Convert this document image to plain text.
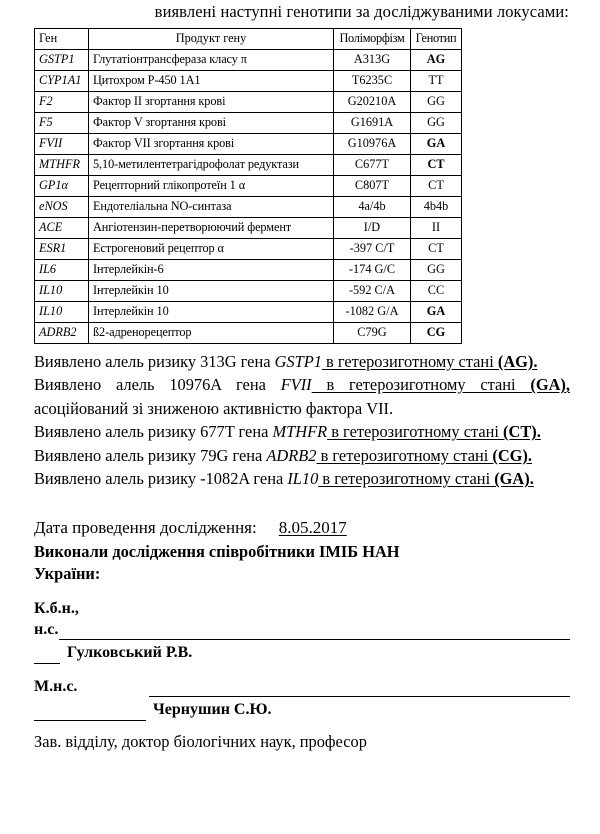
виявлені наступні генотипи за досліджуваними локусами:
Ген	Продукт гену	Поліморфізм	Генотип
GSTP1	Глутатіонтрансфераза класу π	A313G	AG
CYP1A1	Цитохром Р-450 1А1	T6235C	TT
F2	Фактор II згортання крові	G20210A	GG
F5	Фактор V згортання крові	G1691A	GG
FVII	Фактор VII згортання крові	G10976A	GA
MTHFR	5,10-метилентетрагідрофолат редуктази	C677T	CT
GP1α	Рецепторний глікопротеїн 1 α	C807T	CT
eNOS	Ендотеліальна NO-синтаза	4a/4b	4b4b
ACE	Ангіотензин-перетворюючий фермент	I/D	II
ESR1	Естрогеновий рецептор α	-397 C/T	CT
IL6	Інтерлейкін-6	-174 G/C	GG
IL10	Інтерлейкін 10	-592 C/A	CC
IL10	Інтерлейкін 10	-1082 G/A	GA
ADRB2	ß2-адренорецептор	C79G	CG

Виявлено алель ризику 313G гена GSTP1 в гетерозиготному стані (AG).

Виявлено алель 10976A гена FVII в гетерозиготному стані (GA), асоційований зі зниженою активністю фактора VII.

Виявлено алель ризику 677T гена MTHFR в гетерозиготному стані (CT).

Виявлено алель ризику 79G гена ADRB2 в гетерозиготному стані (CG).

Виявлено алель ризику -1082A гена IL10 в гетерозиготному стані (GA).

Дата проведення дослідження: 8.05.2017
Виконали дослідження співробітники ІМІБ НАН України:
К.б.н.,
н.с.
Гулковський Р.В.
М.н.с.
Чернушин С.Ю.
Зав. відділу, доктор біологічних наук, професор
